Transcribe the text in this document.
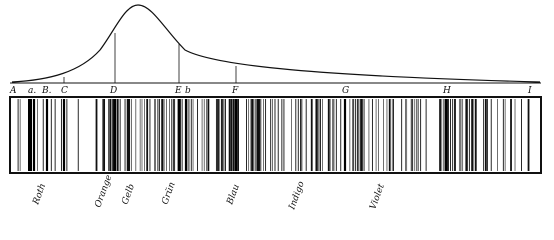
A a. B. C	D	E b	F	G	H	I
Roth	Orange Gelb	Grün	Blau	Indigo	Violet
